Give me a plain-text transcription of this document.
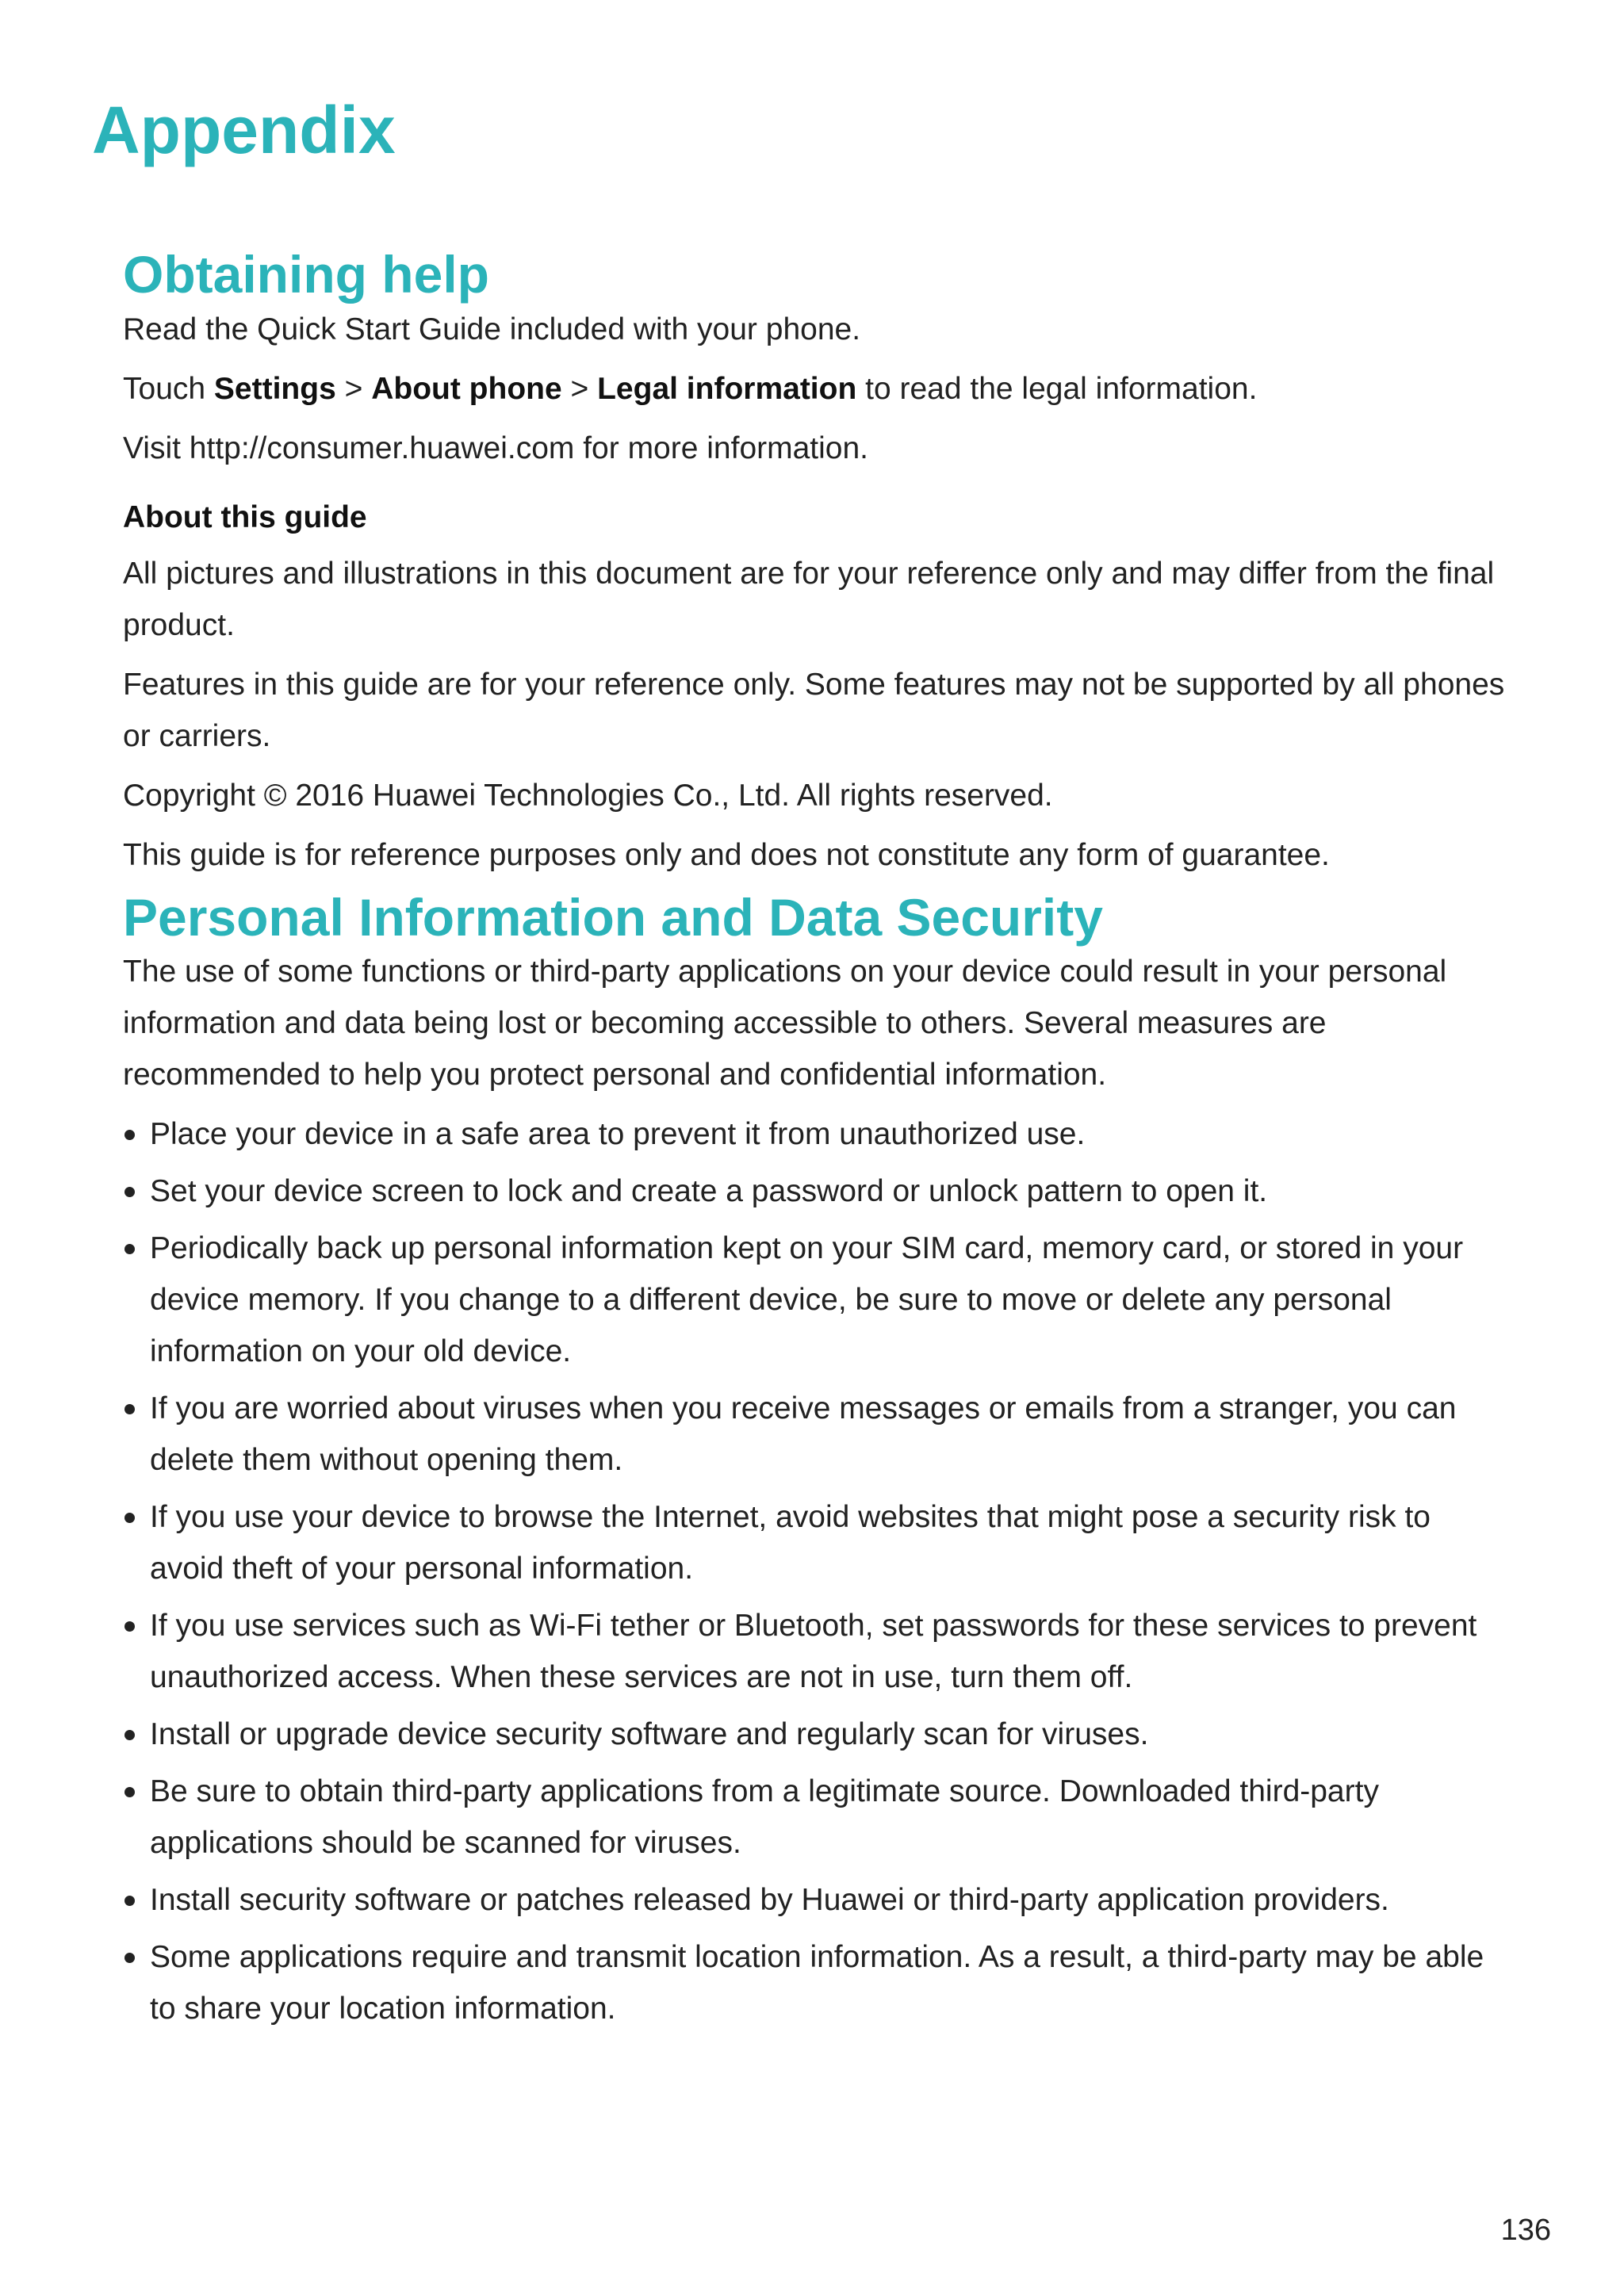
Appendix
Obtaining help

Read the Quick Start Guide included with your phone.

Touch Settings > About phone > Legal information to read the legal information.

Visit http://consumer.huawei.com for more information.

About this guide

All pictures and illustrations in this document are for your reference only and may differ from the final product.

Features in this guide are for your reference only. Some features may not be supported by all phones or carriers.

Copyright © 2016 Huawei Technologies Co., Ltd. All rights reserved.

This guide is for reference purposes only and does not constitute any form of guarantee.

Personal Information and Data Security

The use of some functions or third-party applications on your device could result in your personal information and data being lost or becoming accessible to others. Several measures are recommended to help you protect personal and confidential information.

Place your device in a safe area to prevent it from unauthorized use.
Set your device screen to lock and create a password or unlock pattern to open it.
Periodically back up personal information kept on your SIM card, memory card, or stored in your device memory. If you change to a different device, be sure to move or delete any personal information on your old device.
If you are worried about viruses when you receive messages or emails from a stranger, you can delete them without opening them.
If you use your device to browse the Internet, avoid websites that might pose a security risk to avoid theft of your personal information.
If you use services such as Wi-Fi tether or Bluetooth, set passwords for these services to prevent unauthorized access. When these services are not in use, turn them off.
Install or upgrade device security software and regularly scan for viruses.
Be sure to obtain third-party applications from a legitimate source. Downloaded third-party applications should be scanned for viruses.
Install security software or patches released by Huawei or third-party application providers.
Some applications require and transmit location information. As a result, a third-party may be able to share your location information.
136
